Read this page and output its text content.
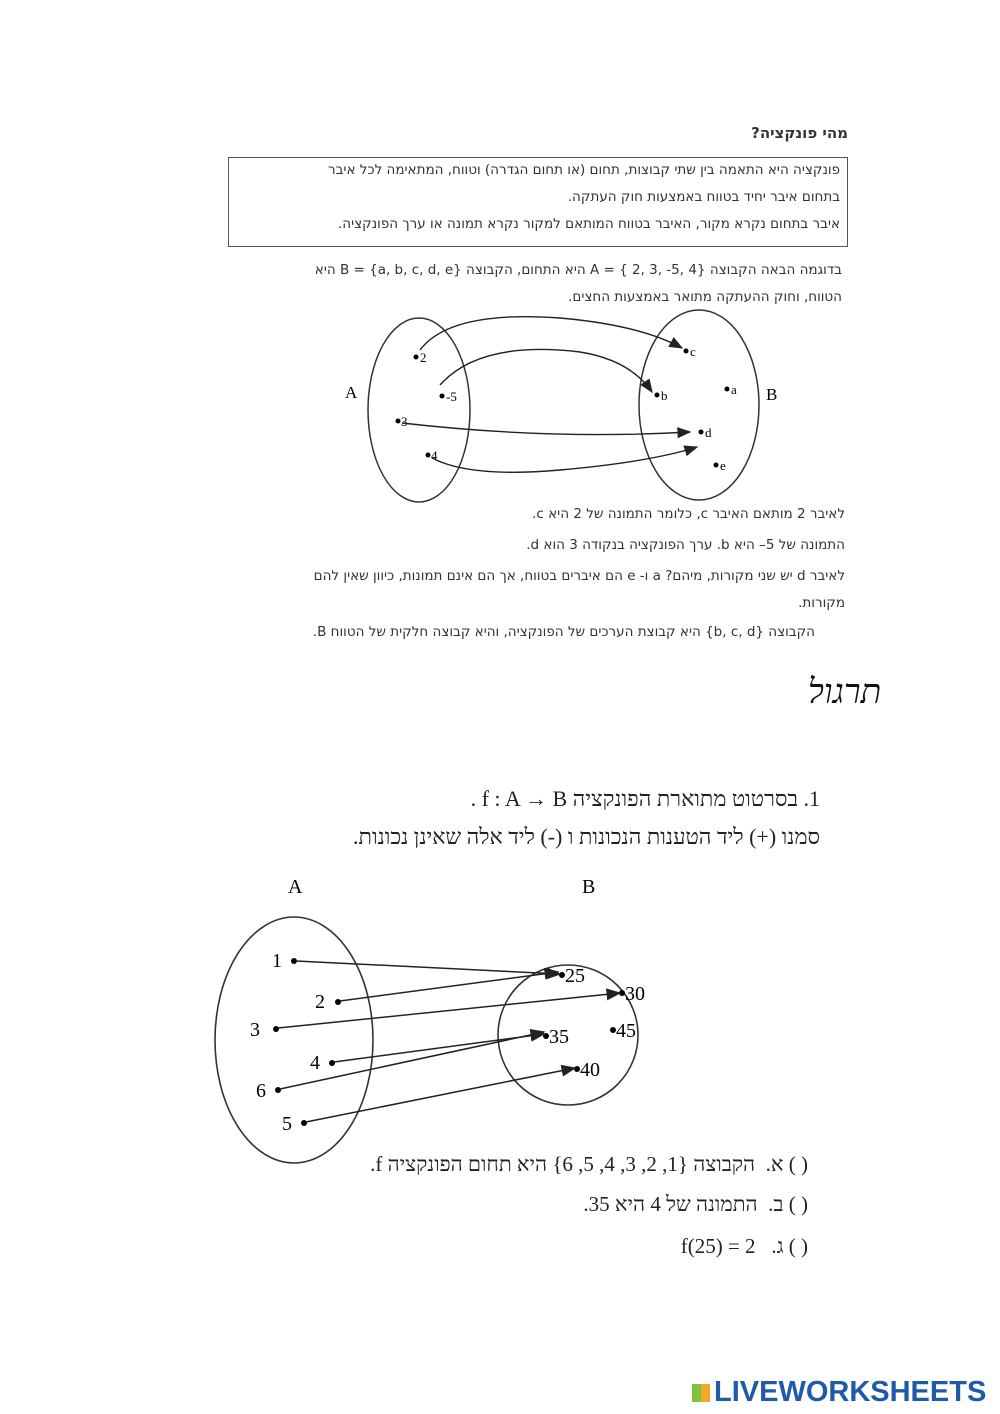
מהי פונקציה?
פונקציה היא התאמה בין שתי קבוצות, תחום (או תחום הגדרה) וטווח, המתאימה לכל איבר
בתחום איבר יחיד בטווח באמצעות חוק העתקה.
איבר בתחום נקרא מקור, האיבר בטווח המותאם למקור נקרא תמונה או ערך הפונקציה.
בדוגמה הבאה הקבוצה A = { 2, 3, -5, 4} היא התחום, הקבוצה B = {a, b, c, d, e} היא
הטווח, וחוק ההעתקה מתואר באמצעות החצים.
A	B
2
-5
3
4
c
b	a
d
e
A	B
1
2
3
4
6
5
25
30
35 45
40
לאיבר 2 מותאם האיבר c, כלומר התמונה של 2 היא c.
התמונה של 5– היא b. ערך הפונקציה בנקודה 3 הוא d.
לאיבר d יש שני מקורות, מיהם? a ו- e הם איברים בטווח, אך הם אינם תמונות, כיוון שאין להם
מקורות.
הקבוצה {b, c, d} היא קבוצת הערכים של הפונקציה, והיא קבוצה חלקית של הטווח B.
תרגול
1. בסרטוט מתוארת הפונקציה f : A → B .
סמנו (+) ליד הטענות הנכונות ו (-) ליד אלה שאינן נכונות.
( ) א.  הקבוצה {1, 2, 3, 4, 5, 6} היא תחום הפונקציה f.
( ) ב.  התמונה של 4 היא 35.
( ) ג.   f(25) = 2
LIVEWORKSHEETS
